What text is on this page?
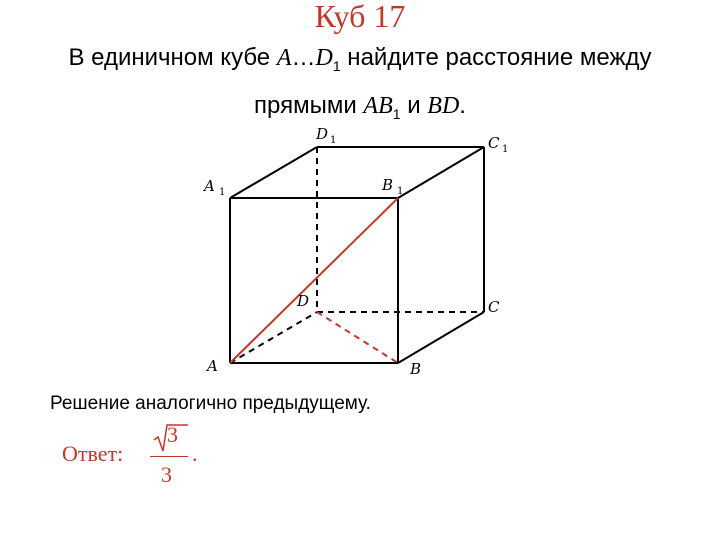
Куб 17
В единичном кубе $A\dots D_1$ найдите расстояние между
прямыми $AB_1$ и BD.
A	B
C
D
A 1	B 1
C 1
D 1
Решение аналогично предыдущему.
Ответ:
3
3
.
